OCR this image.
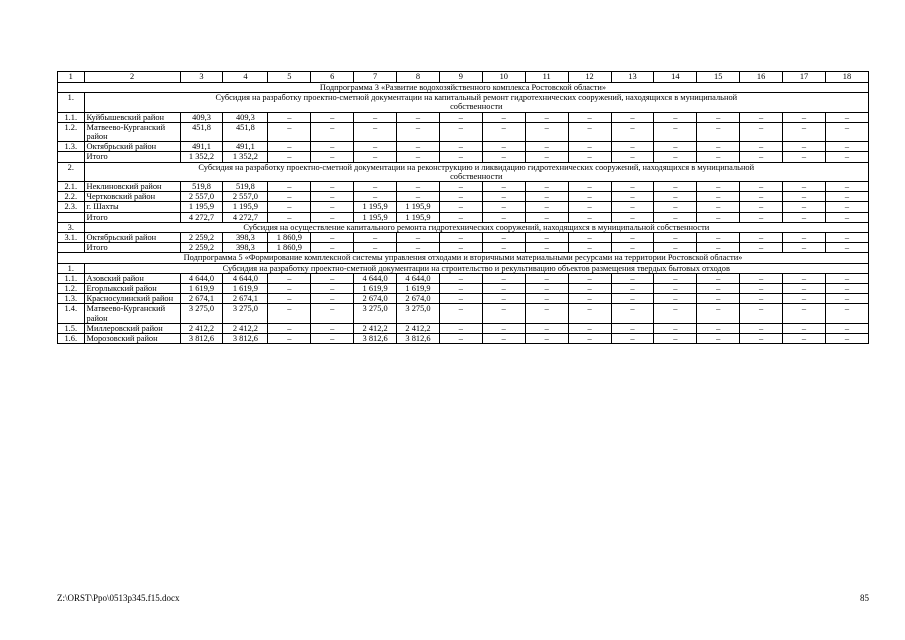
1	2	3	4	5	6	7	8	9	10	11	12	13	14	15	16	17	18
Подпрограмма 3 «Развитие водохозяйственного комплекса Ростовской области»																	
1.	Субсидия на разработку проектно-сметной документации на капитальный ремонт гидротехнических сооружений, находящихся в муниципальной собственности																
1.1.	Куйбышевский район	409,3	409,3	–	–	–	–	–	–	–	–	–	–	–	–	–	–
1.2.	Матвеево-Курганский район	451,8	451,8	–	–	–	–	–	–	–	–	–	–	–	–	–	–
1.3.	Октябрьский район	491,1	491,1	–	–	–	–	–	–	–	–	–	–	–	–	–	–
	Итого	1 352,2	1 352,2	–	–	–	–	–	–	–	–	–	–	–	–	–	–
2.	Субсидия на разработку проектно-сметной документации на реконструкцию и ликвидацию гидротехнических сооружений, находящихся в муниципальной собственности																
2.1.	Неклиновский район	519,8	519,8	–	–	–	–	–	–	–	–	–	–	–	–	–	–
2.2.	Чертковский район	2 557,0	2 557,0	–	–	–	–	–	–	–	–	–	–	–	–	–	–
2.3.	г. Шахты	1 195,9	1 195,9	–	–	1 195,9	1 195,9	–	–	–	–	–	–	–	–	–	–
	Итого	4 272,7	4 272,7	–	–	1 195,9	1 195,9	–	–	–	–	–	–	–	–	–	–
3.	Субсидия на осуществление капитального ремонта гидротехнических сооружений, находящихся в муниципальной собственности																
3.1.	Октябрьский район	2 259,2	398,3	1 860,9	–	–	–	–	–	–	–	–	–	–	–	–	–
	Итого	2 259,2	398,3	1 860,9	–	–	–	–	–	–	–	–	–	–	–	–	–
Подпрограмма 5 «Формирование комплексной системы управления отходами и вторичными материальными ресурсами на территории Ростовской области»																	
1.	Субсидия на разработку проектно-сметной документации на строительство и рекультивацию объектов размещения твердых бытовых отходов																
1.1.	Азовский район	4 644,0	4 644,0	–	–	4 644,0	4 644,0	–	–	–	–	–	–	–	–	–	–
1.2.	Егорлыкский район	1 619,9	1 619,9	–	–	1 619,9	1 619,9	–	–	–	–	–	–	–	–	–	–
1.3.	Красносулинский район	2 674,1	2 674,1	–	–	2 674,0	2 674,0	–	–	–	–	–	–	–	–	–	–
1.4.	Матвеево-Курганский район	3 275,0	3 275,0	–	–	3 275,0	3 275,0	–	–	–	–	–	–	–	–	–	–
1.5.	Миллеровский район	2 412,2	2 412,2	–	–	2 412,2	2 412,2	–	–	–	–	–	–	–	–	–	–
1.6.	Морозовский район	3 812,6	3 812,6	–	–	3 812,6	3 812,6	–	–	–	–	–	–	–	–	–	–
Z:\ORST\Ppo\0513p345.f15.docx	85
